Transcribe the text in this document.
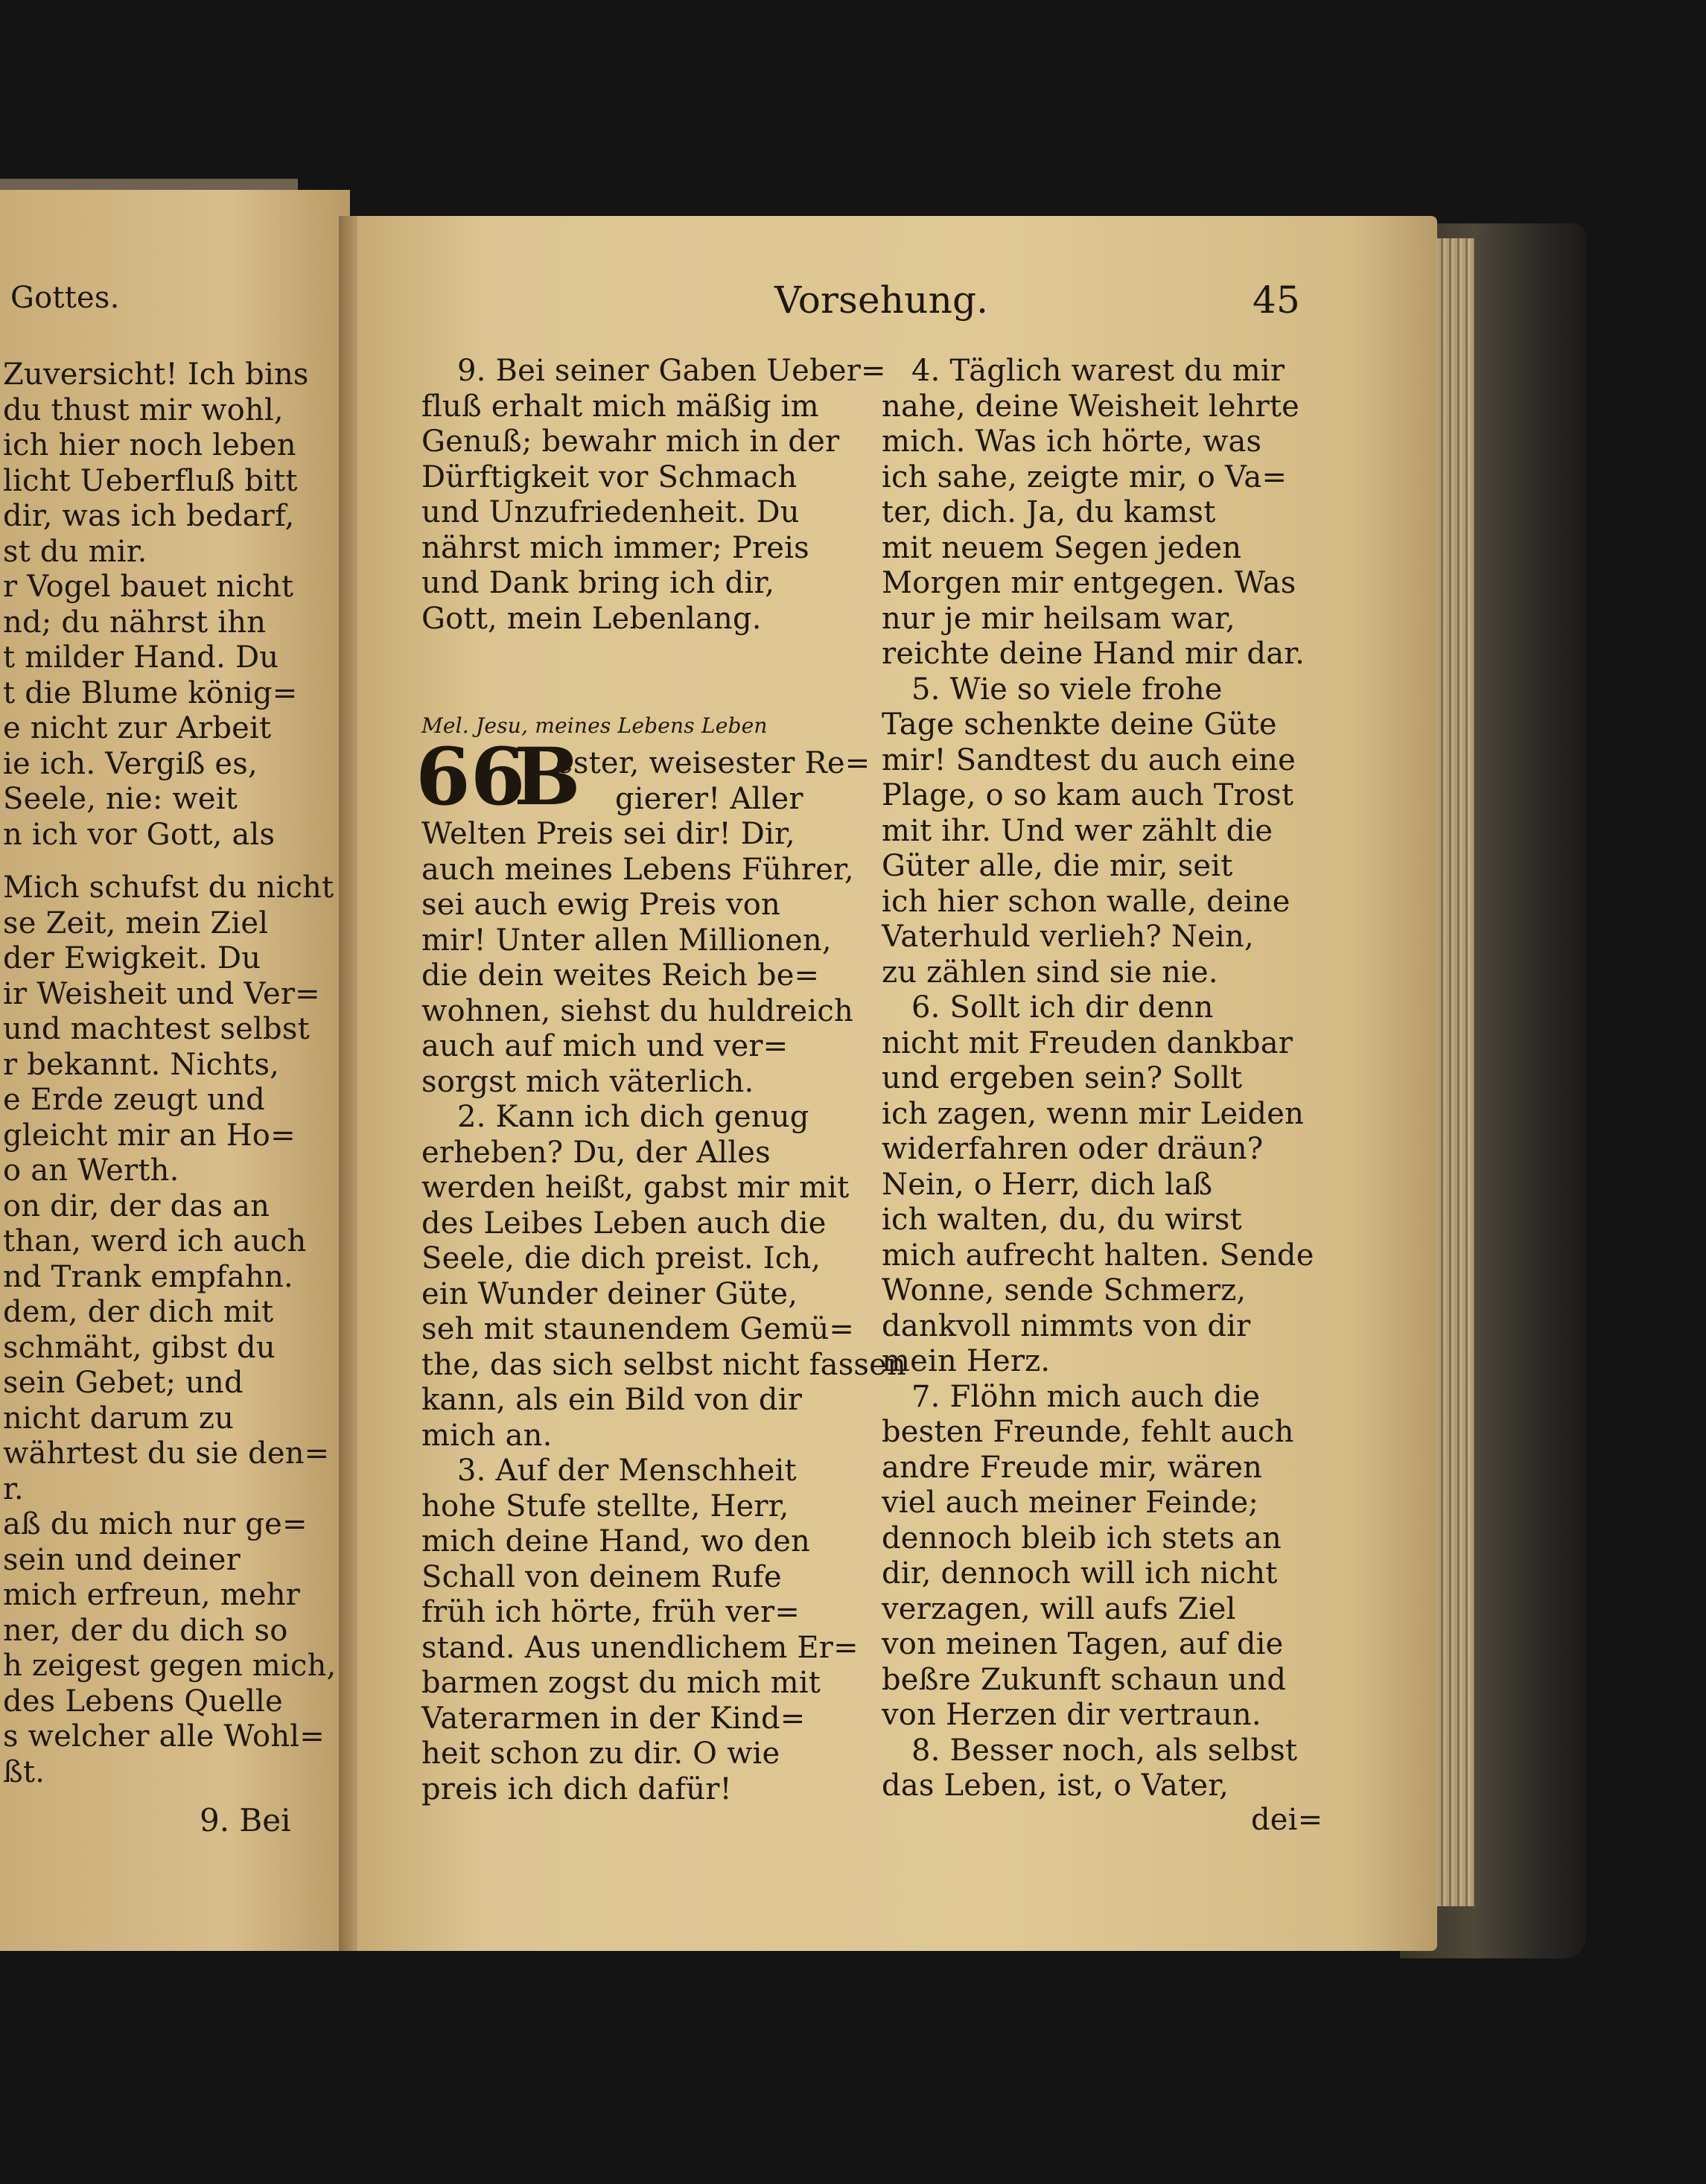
Gottes.
Zuversicht! Ich bins
du thust mir wohl,
ich hier noch leben
licht Ueberfluß bitt
dir, was ich bedarf,
st du mir.
r Vogel bauet nicht
nd; du nährst ihn
t milder Hand. Du
t die Blume könig=
e nicht zur Arbeit
ie ich. Vergiß es,
Seele, nie: weit
n ich vor Gott, als
Mich schufst du nicht
se Zeit, mein Ziel
der Ewigkeit. Du
ir Weisheit und Ver=
und machtest selbst
r bekannt. Nichts,
e Erde zeugt und
gleicht mir an Ho=
o an Werth.
on dir, der das an
than, werd ich auch
nd Trank empfahn.
dem, der dich mit
schmäht, gibst du
sein Gebet; und
nicht darum zu
währtest du sie den=
r.
aß du mich nur ge=
sein und deiner
mich erfreun, mehr
ner, der du dich so
h zeigest gegen mich,
des Lebens Quelle
s welcher alle Wohl=
ßt.
9. Bei
Vorsehung.	45
9. Bei seiner Gaben Ueber=
fluß erhalt mich mäßig im
Genuß; bewahr mich in der
Dürftigkeit vor Schmach
und Unzufriedenheit. Du
nährst mich immer; Preis
und Dank bring ich dir,
Gott, mein Lebenlang.
Mel. Jesu, meines Lebens Leben
66
B
ester, weisester Re=
gierer! Aller
Welten Preis sei dir! Dir,
auch meines Lebens Führer,
sei auch ewig Preis von
mir! Unter allen Millionen,
die dein weites Reich be=
wohnen, siehst du huldreich
auch auf mich und ver=
sorgst mich väterlich.
2. Kann ich dich genug
erheben? Du, der Alles
werden heißt, gabst mir mit
des Leibes Leben auch die
Seele, die dich preist. Ich,
ein Wunder deiner Güte,
seh mit staunendem Gemü=
the, das sich selbst nicht fassen
kann, als ein Bild von dir
mich an.
3. Auf der Menschheit
hohe Stufe stellte, Herr,
mich deine Hand, wo den
Schall von deinem Rufe
früh ich hörte, früh ver=
stand. Aus unendlichem Er=
barmen zogst du mich mit
Vaterarmen in der Kind=
heit schon zu dir. O wie
preis ich dich dafür!
4. Täglich warest du mir
nahe, deine Weisheit lehrte
mich. Was ich hörte, was
ich sahe, zeigte mir, o Va=
ter, dich. Ja, du kamst
mit neuem Segen jeden
Morgen mir entgegen. Was
nur je mir heilsam war,
reichte deine Hand mir dar.
5. Wie so viele frohe
Tage schenkte deine Güte
mir! Sandtest du auch eine
Plage, o so kam auch Trost
mit ihr. Und wer zählt die
Güter alle, die mir, seit
ich hier schon walle, deine
Vaterhuld verlieh? Nein,
zu zählen sind sie nie.
6. Sollt ich dir denn
nicht mit Freuden dankbar
und ergeben sein? Sollt
ich zagen, wenn mir Leiden
widerfahren oder dräun?
Nein, o Herr, dich laß
ich walten, du, du wirst
mich aufrecht halten. Sende
Wonne, sende Schmerz,
dankvoll nimmts von dir
mein Herz.
7. Flöhn mich auch die
besten Freunde, fehlt auch
andre Freude mir, wären
viel auch meiner Feinde;
dennoch bleib ich stets an
dir, dennoch will ich nicht
verzagen, will aufs Ziel
von meinen Tagen, auf die
beßre Zukunft schaun und
von Herzen dir vertraun.
8. Besser noch, als selbst
das Leben, ist, o Vater,
dei=
